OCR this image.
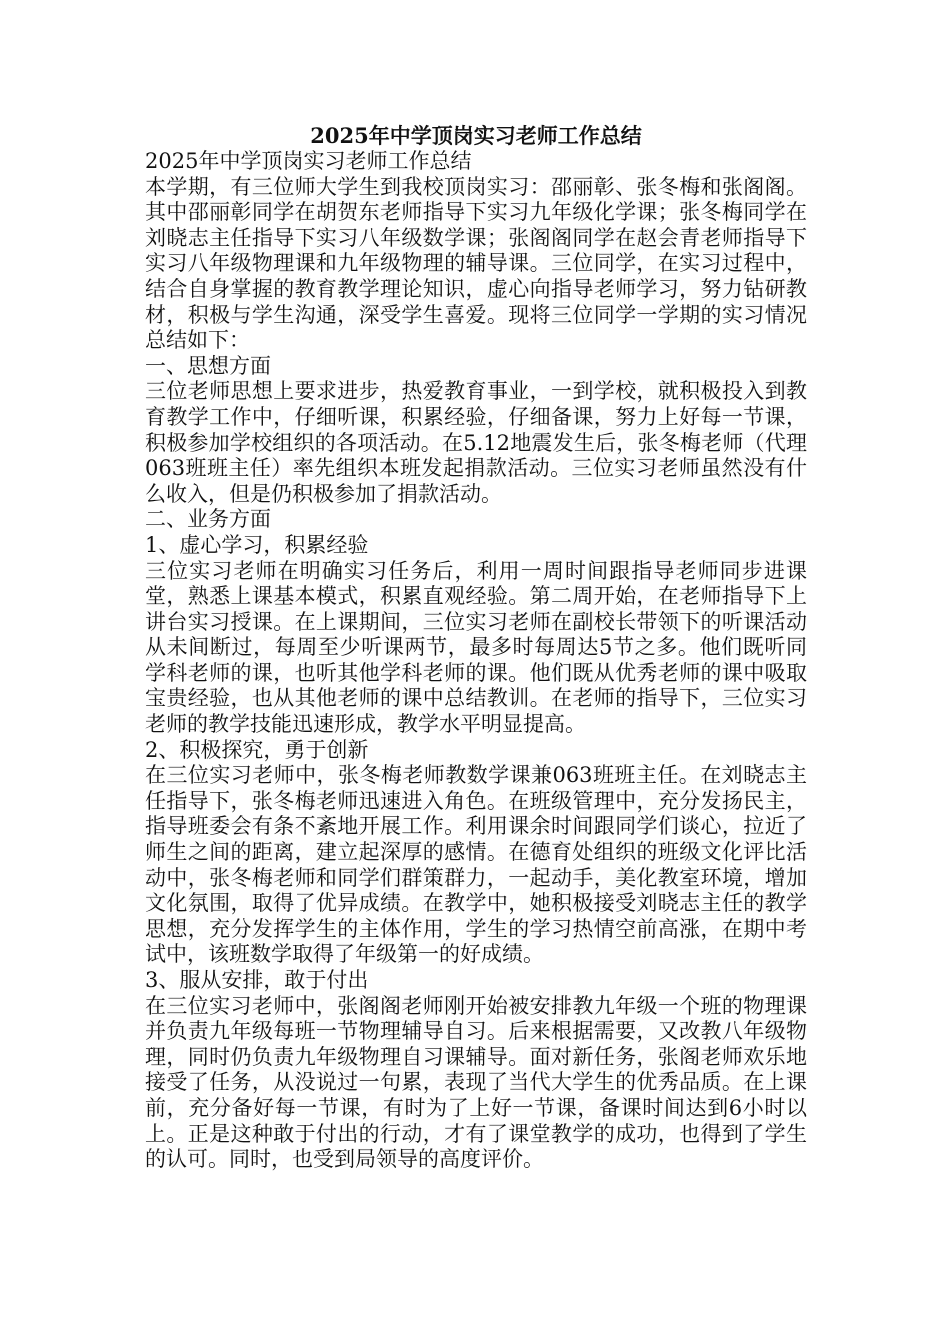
2025年中学顶岗实习老师工作总结

2025年中学顶岗实习老师工作总结

本学期，有三位师大学生到我校顶岗实习：邵丽彰、张冬梅和张阁阁。其中邵丽彰同学在胡贺东老师指导下实习九年级化学课；张冬梅同学在刘晓志主任指导下实习八年级数学课；张阁阁同学在赵会青老师指导下实习八年级物理课和九年级物理的辅导课。三位同学，在实习过程中，结合自身掌握的教育教学理论知识，虚心向指导老师学习，努力钻研教材，积极与学生沟通，深受学生喜爱。现将三位同学一学期的实习情况总结如下：

一、思想方面

三位老师思想上要求进步，热爱教育事业，一到学校，就积极投入到教育教学工作中，仔细听课，积累经验，仔细备课，努力上好每一节课，积极参加学校组织的各项活动。在5.12地震发生后，张冬梅老师（代理063班班主任）率先组织本班发起捐款活动。三位实习老师虽然没有什么收入，但是仍积极参加了捐款活动。

二、业务方面

1、虚心学习，积累经验

三位实习老师在明确实习任务后，利用一周时间跟指导老师同步进课堂，熟悉上课基本模式，积累直观经验。第二周开始，在老师指导下上讲台实习授课。在上课期间，三位实习老师在副校长带领下的听课活动从未间断过，每周至少听课两节，最多时每周达5节之多。他们既听同学科老师的课，也听其他学科老师的课。他们既从优秀老师的课中吸取宝贵经验，也从其他老师的课中总结教训。在老师的指导下，三位实习老师的教学技能迅速形成，教学水平明显提高。

2、积极探究，勇于创新

在三位实习老师中，张冬梅老师教数学课兼063班班主任。在刘晓志主任指导下，张冬梅老师迅速进入角色。在班级管理中，充分发扬民主，指导班委会有条不紊地开展工作。利用课余时间跟同学们谈心，拉近了师生之间的距离，建立起深厚的感情。在德育处组织的班级文化评比活动中，张冬梅老师和同学们群策群力，一起动手，美化教室环境，增加文化氛围，取得了优异成绩。在教学中，她积极接受刘晓志主任的教学思想，充分发挥学生的主体作用，学生的学习热情空前高涨，在期中考试中，该班数学取得了年级第一的好成绩。

3、服从安排，敢于付出

在三位实习老师中，张阁阁老师刚开始被安排教九年级一个班的物理课并负责九年级每班一节物理辅导自习。后来根据需要，又改教八年级物理，同时仍负责九年级物理自习课辅导。面对新任务，张阁老师欢乐地接受了任务，从没说过一句累，表现了当代大学生的优秀品质。在上课前，充分备好每一节课，有时为了上好一节课，备课时间达到6小时以上。正是这种敢于付出的行动，才有了课堂教学的成功，也得到了学生的认可。同时，也受到局领导的高度评价。
